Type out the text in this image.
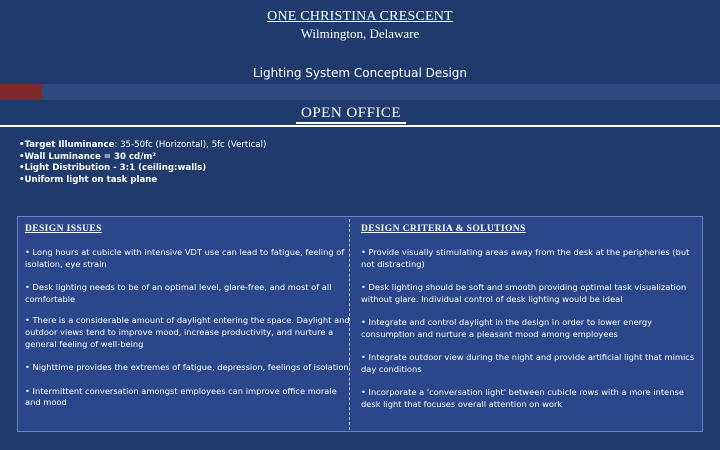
ONE CHRISTINA CRESCENT
Wilmington, Delaware
Lighting System Conceptual Design
OPEN OFFICE
•Target Illuminance: 35-50fc (Horizontal), 5fc (Vertical)
•Wall Luminance = 30 cd/m²
•Light Distribution - 3:1 (ceiling:walls)
•Uniform light on task plane
DESIGN ISSUES
• Long hours at cubicle with intensive VDT use can lead to fatigue, feeling of isolation, eye strain
• Desk lighting needs to be of an optimal level, glare-free, and most of all comfortable
• There is a considerable amount of daylight entering the space. Daylight and outdoor views tend to improve mood, increase productivity, and nurture a general feeling of well-being
• Nighttime provides the extremes of fatigue, depression, feelings of isolation
• Intermittent conversation amongst employees can improve office morale and mood
DESIGN CRITERIA & SOLUTIONS
• Provide visually stimulating areas away from the desk at the peripheries (but not distracting)
• Desk lighting should be soft and smooth providing optimal task visualization without glare. Individual control of desk lighting would be ideal
• Integrate and control daylight in the design in order to lower energy consumption and nurture a pleasant mood among employees
• Integrate outdoor view during the night and provide artificial light that mimics day conditions
• Incorporate a 'conversation light' between cubicle rows with a more intense desk light that focuses overall attention on work
